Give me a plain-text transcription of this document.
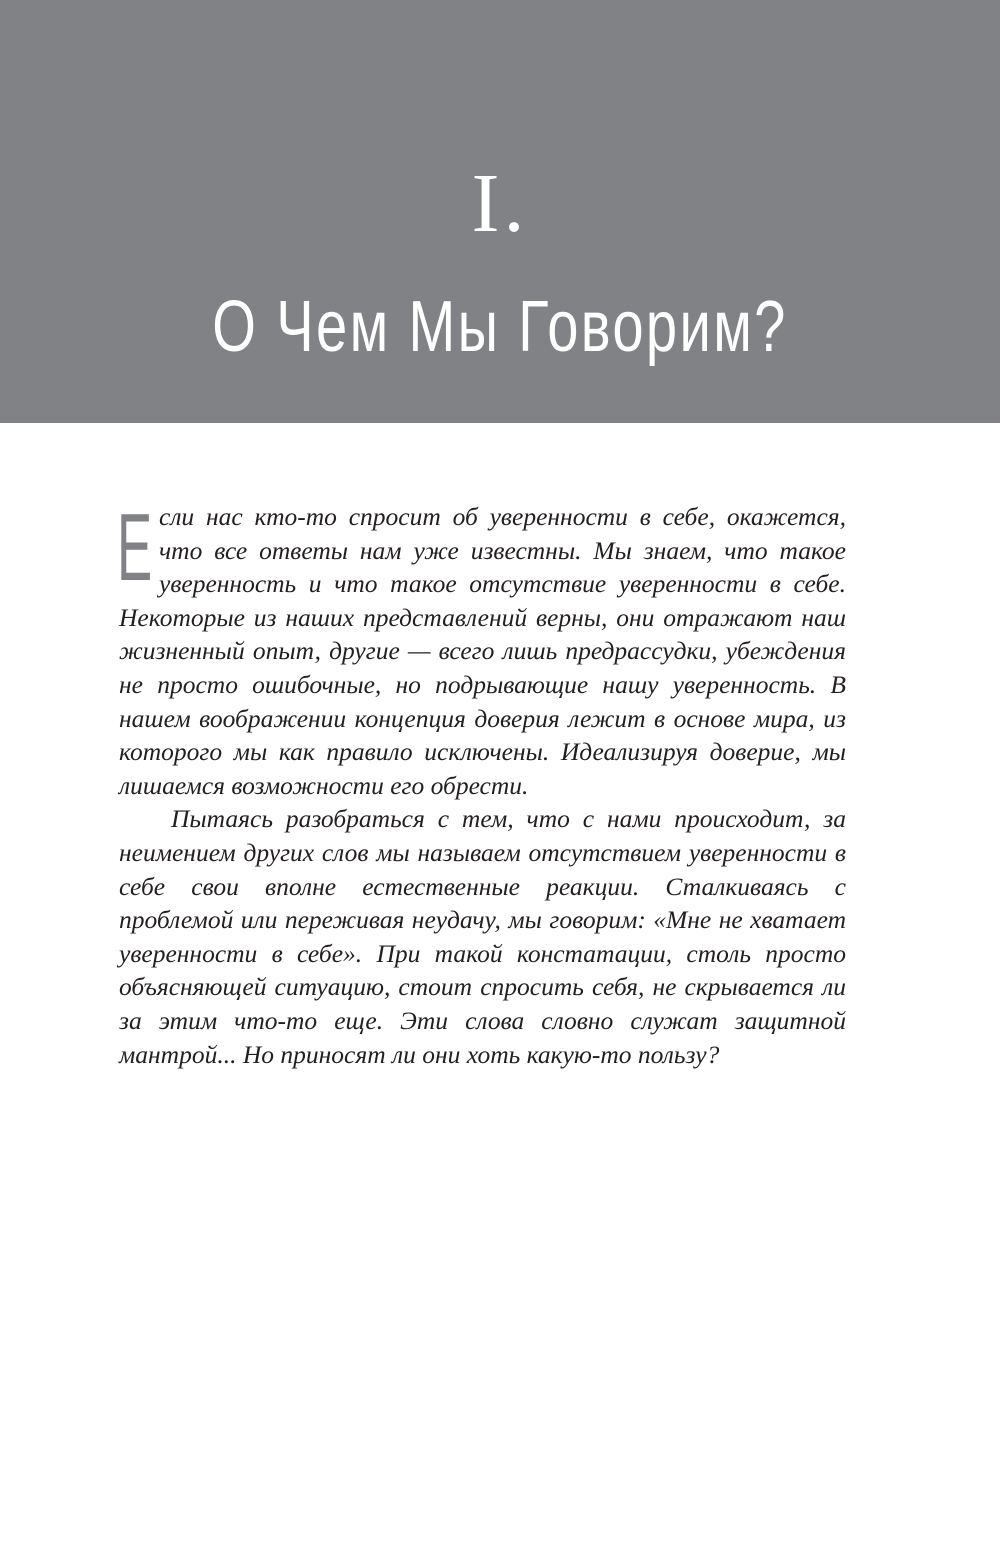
I.
О Чем Мы Говорим?

Если нас кто-то спросит об уверенности в себе, окажется, что все ответы нам уже известны. Мы знаем, что такое уверенность и что такое отсутствие уверенности в себе. Некоторые из наших представлений верны, они отражают наш жизненный опыт, другие — всего лишь предрассудки, убеждения не просто ошибочные, но подрывающие нашу уверенность. В нашем воображении концепция доверия лежит в основе мира, из которого мы как правило исключены. Идеализируя доверие, мы лишаемся возможности его обрести.

Пытаясь разобраться с тем, что с нами происходит, за неимением других слов мы называем отсутствием уверенности в себе свои вполне естественные реакции. Сталкиваясь с проблемой или переживая неудачу, мы говорим: «Мне не хватает уверенности в себе». При такой констатации, столь просто объясняющей ситуацию, стоит спросить себя, не скрывается ли за этим что-то еще. Эти слова словно служат защитной мантрой... Но приносят ли они хоть какую-то пользу?
